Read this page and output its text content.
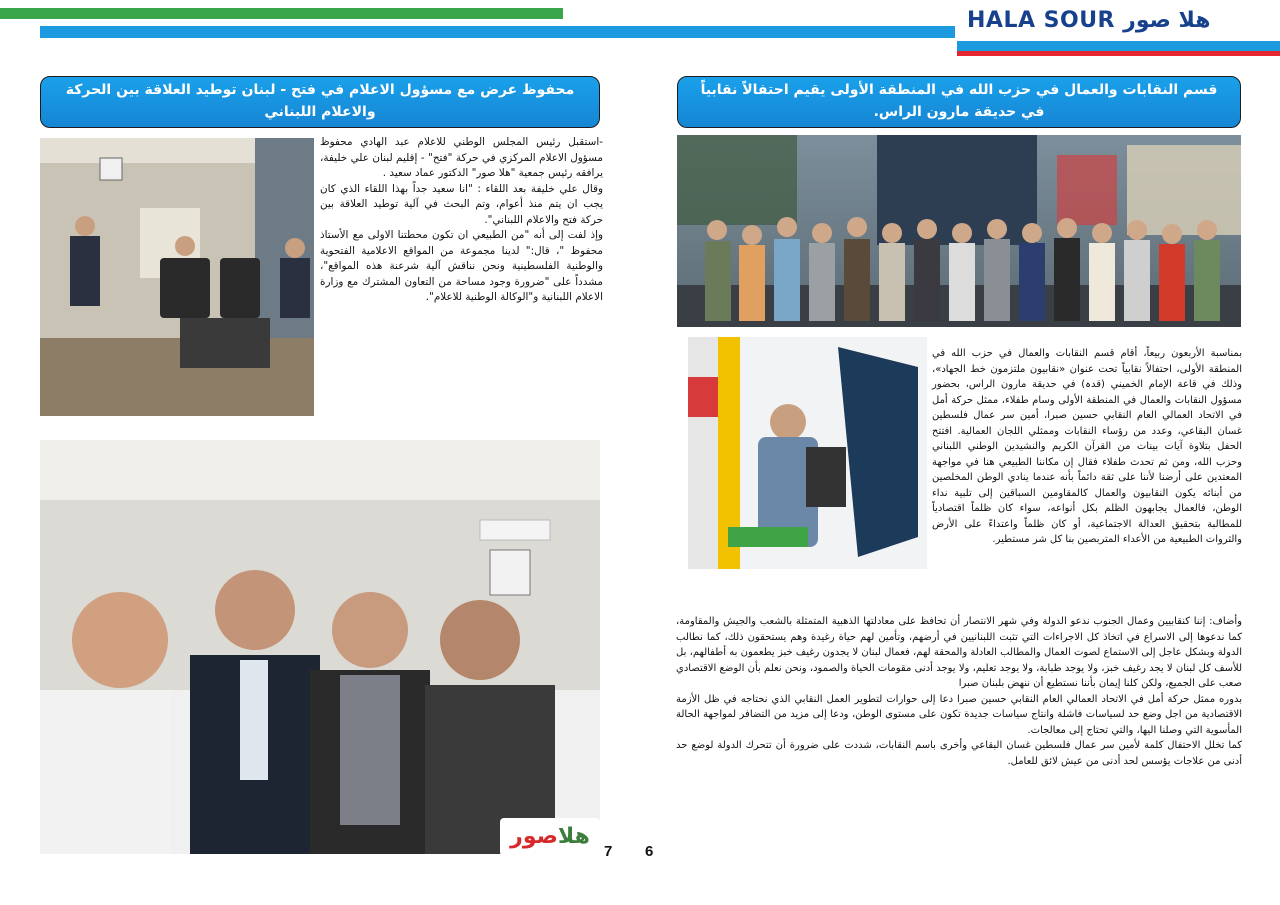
HALA SOUR هلا صور
قسم النقابات والعمال في حزب الله في المنطقة الأولى يقيم احتفالاً نقابياً في حديقة مارون الراس.
محفوظ عرض مع مسؤول الاعلام في فتح - لبنان توطيد العلاقة بين الحركة والاعلام اللبناني
هلاصور

-استقبل رئيس المجلس الوطني للاعلام عبد الهادي محفوظ مسؤول الاعلام المركزي في حركة "فتح" - إقليم لبنان علي خليفة، يرافقه رئيس جمعية "هلا صور" الدكتور عماد سعيد .

وقال علي خليفة بعد اللقاء : "انا سعيد جداً بهذا اللقاء الذي كان يجب ان يتم منذ أعوام، وتم البحث في آلية توطيد العلاقة بين حركة فتح والاعلام اللبناني".

وإذ لفت إلى أنه "من الطبيعي ان تكون محطتنا الاولى مع الأستاذ محفوظ "، قال:" لدينا مجموعة من المواقع الاعلامية الفتحوية والوطنية الفلسطينية ونحن نناقش آلية شرعنة هذه المواقع"، مشدداً على "ضرورة وجود مساحة من التعاون المشترك مع وزارة الاعلام اللبنانية و"الوكالة الوطنية للاعلام".

بمناسبة الأربعون ربيعاً، أقام قسم النقابات والعمال في حزب الله في المنطقة الأولى، احتفالاً نقابياً تحت عنوان «نقابيون ملتزمون خط الجهاد»، وذلك في قاعة الإمام الخميني (قدہ) في حديقة مارون الراس، بحضور مسؤول النقابات والعمال في المنطقة الأولى وسام طفلاء، ممثل حركة أمل في الاتحاد العمالي العام النقابي حسين صبرا، أمين سر عمال فلسطين غسان البقاعي، وعدد من رؤساء النقابات وممثلي اللجان العمالية. افتتح الحفل بتلاوة آيات بينات من القرآن الكريم والنشيدين الوطني اللبناني وحزب الله، ومن ثم تحدث طفلاء فقال إن مكاننا الطبيعي هنا في مواجهة المعتدين على أرضنا لأننا على ثقة دائماً بأنه عندما ينادي الوطن المخلصين من أبنائه يكون النقابيون والعمال كالمقاومين السباقين إلى تلبية نداء الوطن، فالعمال يجابهون الظلم بكل أنواعه، سواء كان ظلماً اقتصادياً للمطالبة بتحقيق العدالة الاجتماعية، أو كان ظلماً واعتداءً على الأرض والثروات الطبيعية من الأعداء المتربصين بنا كل شر مستطير.

وأضاف: إننا كنقابيين وعمال الجنوب ندعو الدولة وفي شهر الانتصار أن تحافظ على معادلتها الذهبية المتمثلة بالشعب والجيش والمقاومة، كما ندعوها إلى الاسراع في اتخاذ كل الاجراءات التي تثبت اللبنانيين في أرضهم، وتأمين لهم حياة رغيدة وهم يستحقون ذلك، كما نطالب الدولة وبشكل عاجل إلى الاستماع لصوت العمال والمطالب العادلة والمحقة لهم، فعمال لبنان لا يجدون رغيف خبز يطعمون به أطفالهم، بل للأسف كل لبنان لا يجد رغيف خبز، ولا يوجد طبابة، ولا يوجد تعليم، ولا يوجد أدنى مقومات الحياة والصمود، ونحن نعلم بأن الوضع الاقتصادي صعب على الجميع، ولكن كلنا إيمان بأننا نستطيع أن ننهض بلبنان صبرا

بدوره ممثل حركة أمل في الاتحاد العمالي العام النقابي حسين صبرا دعا إلى حوارات لتطوير العمل النقابي الذي نحتاجه في ظل الأزمة الاقتصادية من اجل وضع حد لسياسات فاشلة وانتاج سياسات جديدة تكون على مستوى الوطن، ودعا إلى مزيد من التضافر لمواجهة الحالة المأسوية التي وصلنا اليها، والتي تحتاج إلى معالجات.

كما تخلل الاحتفال كلمة لأمين سر عمال فلسطين غسان البقاعي وأخرى باسم النقابات، شددت على ضرورة أن تتحرك الدولة لوضع حد أدنى من علاجات يؤسس لحد أدنى من عيش لائق للعامل.

7 6
